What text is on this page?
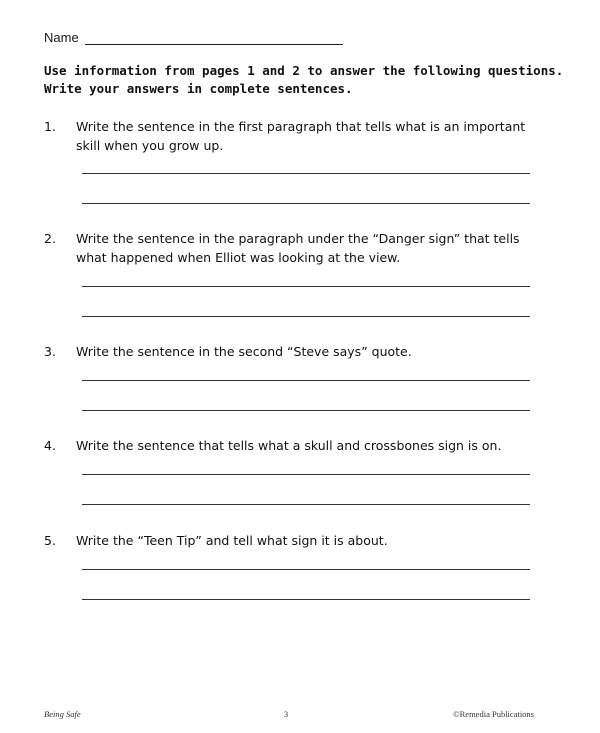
Name
Use information from pages 1 and 2 to answer the following questions.
Write your answers in complete sentences.
1.	Write the sentence in the first paragraph that tells what is an important skill when you grow up.
2.	Write the sentence in the paragraph under the “Danger sign” that tells what happened when Elliot was looking at the view.
3.	Write the sentence in the second “Steve says” quote.
4.	Write the sentence that tells what a skull and crossbones sign is on.
5.	Write the “Teen Tip” and tell what sign it is about.
Being Safe	3	©Remedia Publications
